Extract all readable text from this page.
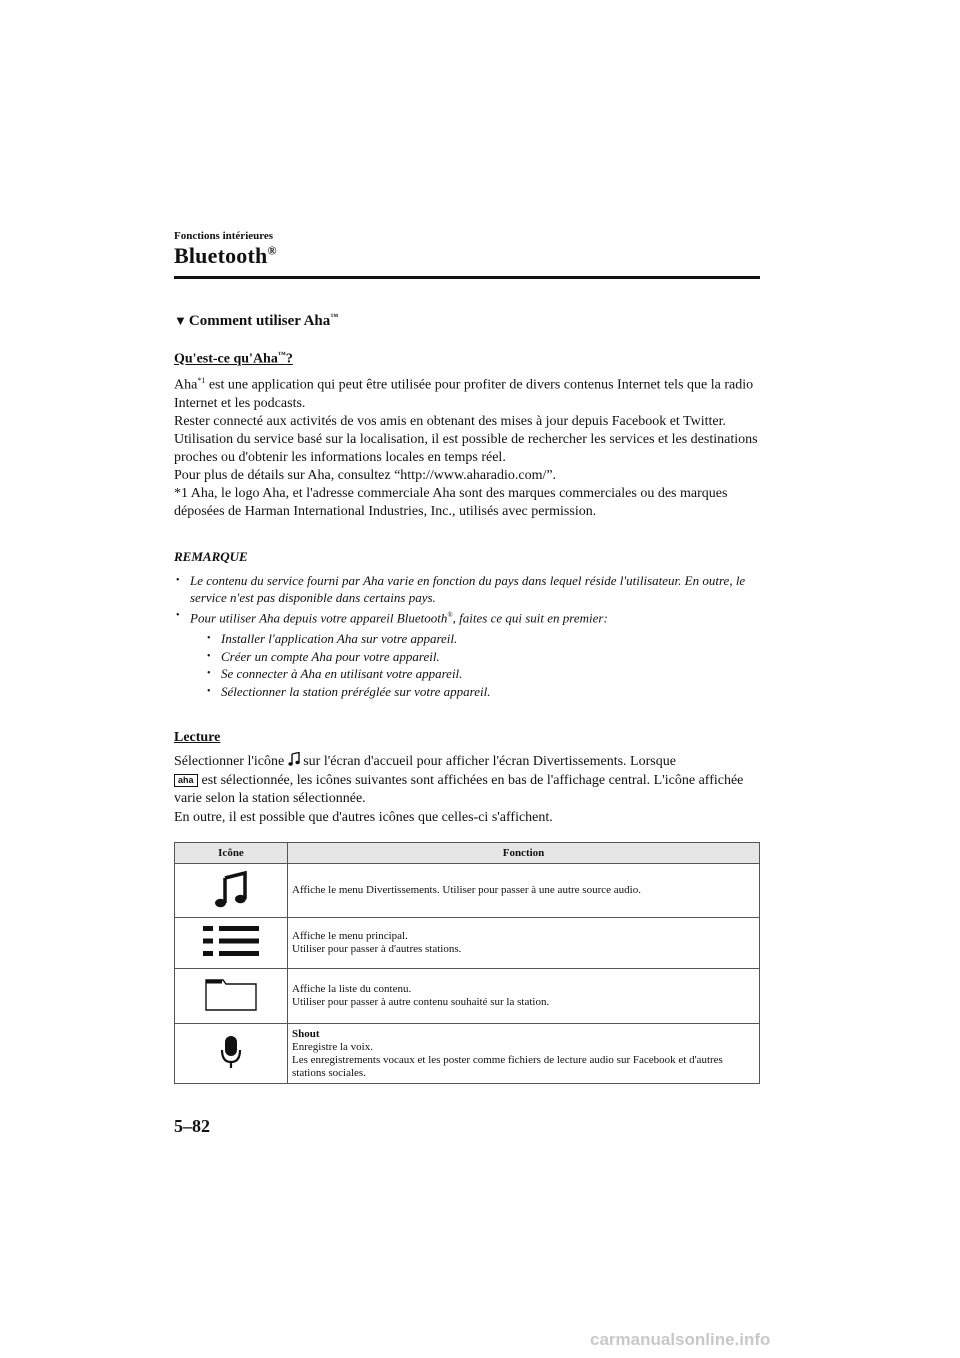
Fonctions intérieures
Bluetooth®
▼ Comment utiliser Aha™
Qu'est-ce qu'Aha™?

Aha$^{*1}$ est une application qui peut être utilisée pour profiter de divers contenus Internet tels que la radio Internet et les podcasts.

Rester connecté aux activités de vos amis en obtenant des mises à jour depuis Facebook et Twitter.

Utilisation du service basé sur la localisation, il est possible de rechercher les services et les destinations proches ou d'obtenir les informations locales en temps réel.

Pour plus de détails sur Aha, consultez “http://www.aharadio.com/”.

*1 Aha, le logo Aha, et l'adresse commerciale Aha sont des marques commerciales ou des marques déposées de Harman International Industries, Inc., utilisés avec permission.

REMARQUE
• Le contenu du service fourni par Aha varie en fonction du pays dans lequel réside l'utilisateur. En outre, le service n'est pas disponible dans certains pays.
• Pour utiliser Aha depuis votre appareil Bluetooth®, faites ce qui suit en premier:
• Installer l'application Aha sur votre appareil.
• Créer un compte Aha pour votre appareil.
• Se connecter à Aha en utilisant votre appareil.
• Sélectionner la station préréglée sur votre appareil.
Lecture

Sélectionner l'icône sur l'écran d'accueil pour afficher l'écran Divertissements. Lorsque

aha est sélectionnée, les icônes suivantes sont affichées en bas de l'affichage central. L'icône affichée varie selon la station sélectionnée.

En outre, il est possible que d'autres icônes que celles-ci s'affichent.

Icône	Fonction
	Affiche le menu Divertissements. Utiliser pour passer à une autre source audio.

Affiche le menu principal.
Utiliser pour passer à d'autres stations.

Affiche la liste du contenu.
Utiliser pour passer à autre contenu souhaité sur la station.

Shout
Enregistre la voix.
Les enregistrements vocaux et les poster comme fichiers de lecture audio sur Facebook et d'autres stations sociales.
5–82
carmanualsonline.info
